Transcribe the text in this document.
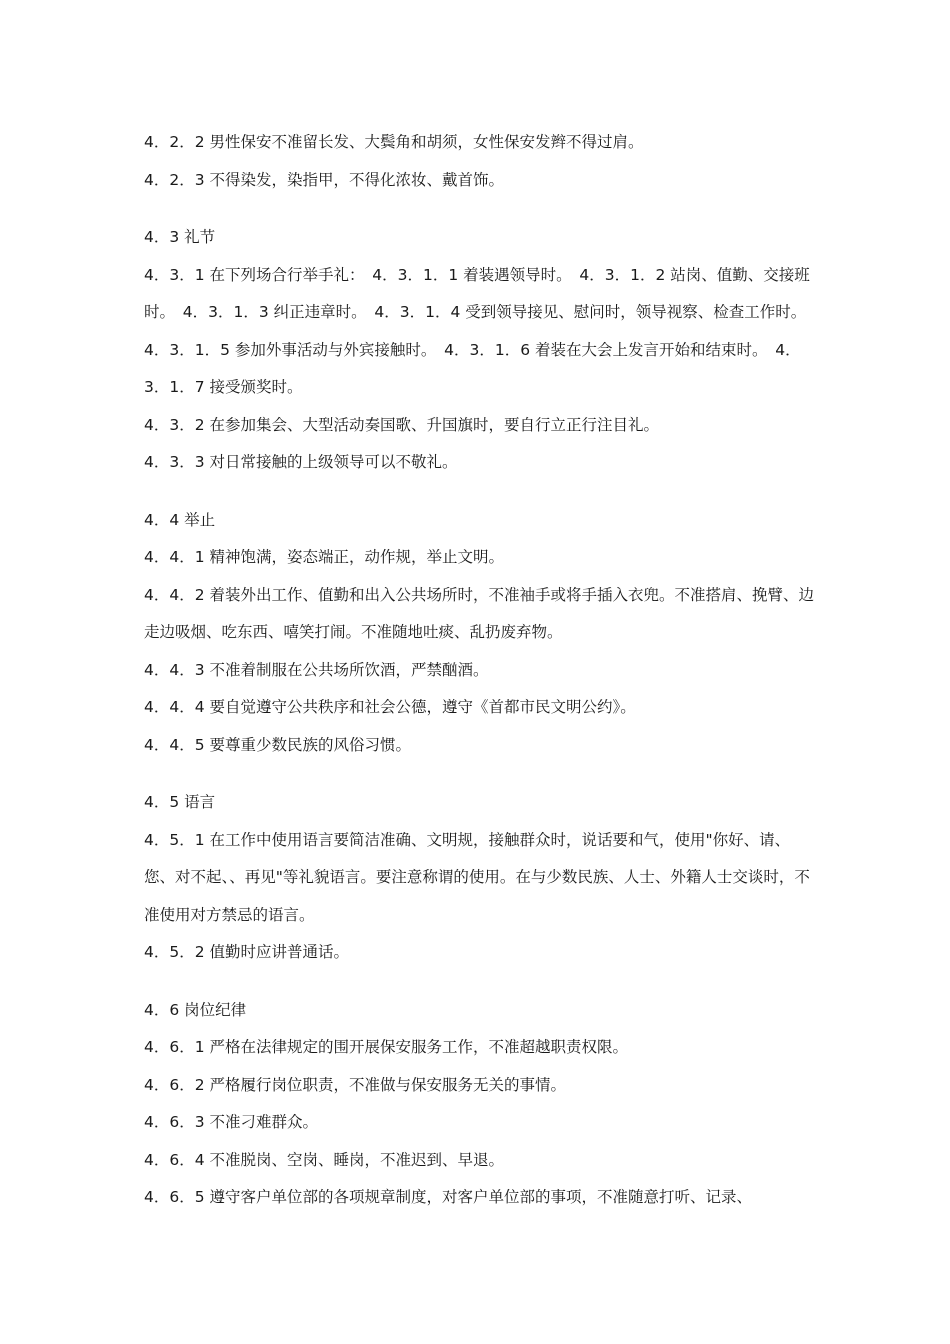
4．2．2 男性保安不准留长发、大鬓角和胡须，女性保安发辫不得过肩。

4．2．3 不得染发，染指甲，不得化浓妆、戴首饰。

4．3 礼节

4．3．1 在下列场合行举手礼：　4．3．1．1 着装遇领导时。　4．3．1．2 站岗、值勤、交接班时。　4．3．1．3 纠正违章时。　4．3．1．4 受到领导接见、慰问时，领导视察、检查工作时。　4．3．1．5 参加外事活动与外宾接触时。　4．3．1．6 着装在大会上发言开始和结束时。　4．3．1．7 接受颁奖时。

4．3．2 在参加集会、大型活动奏国歌、升国旗时，要自行立正行注目礼。

4．3．3 对日常接触的上级领导可以不敬礼。

4．4 举止

4．4．1 精神饱满，姿态端正，动作规，举止文明。

4．4．2 着装外出工作、值勤和出入公共场所时，不准袖手或将手插入衣兜。不准搭肩、挽臂、边走边吸烟、吃东西、嘻笑打闹。不准随地吐痰、乱扔废弃物。

4．4．3 不准着制服在公共场所饮酒，严禁酗酒。

4．4．4 要自觉遵守公共秩序和社会公德，遵守《首都市民文明公约》。

4．4．5 要尊重少数民族的风俗习惯。

4．5 语言

4．5．1 在工作中使用语言要简洁准确、文明规，接触群众时，说话要和气，使用"你好、请、您、对不起、、再见"等礼貌语言。要注意称谓的使用。在与少数民族、人士、外籍人士交谈时，不准使用对方禁忌的语言。

4．5．2 值勤时应讲普通话。

4．6 岗位纪律

4．6．1 严格在法律规定的围开展保安服务工作，不准超越职责权限。

4．6．2 严格履行岗位职责，不准做与保安服务无关的事情。

4．6．3 不准刁难群众。

4．6．4 不准脱岗、空岗、睡岗，不准迟到、早退。

4．6．5 遵守客户单位部的各项规章制度，对客户单位部的事项，不准随意打听、记录、
